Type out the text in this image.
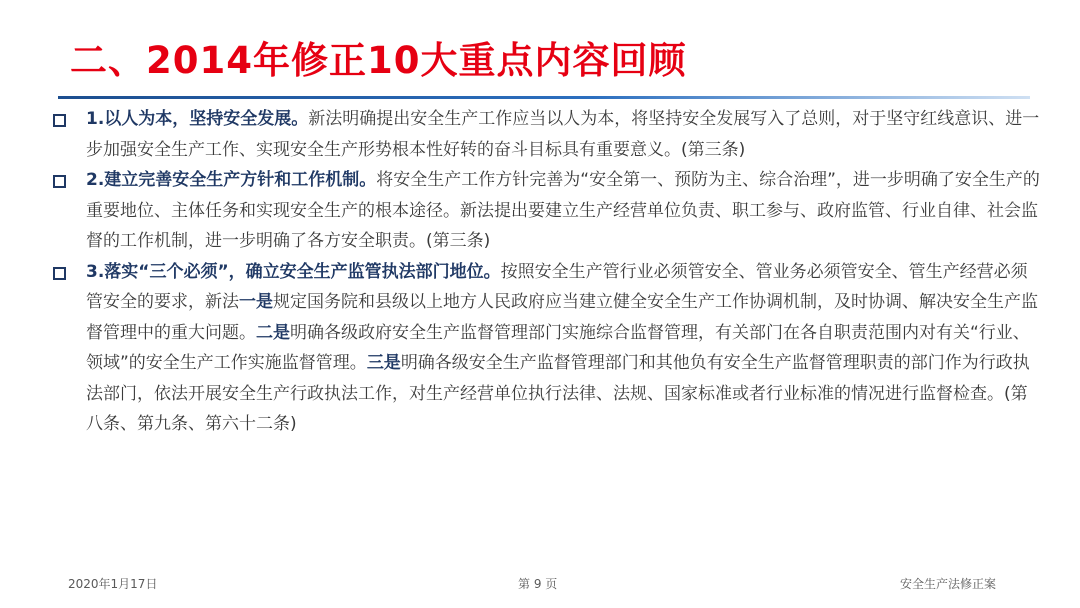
二、2014年修正10大重点内容回顾
1.以人为本，坚持安全发展。新法明确提出安全生产工作应当以人为本，将坚持安全发展写入了总则，对于坚守红线意识、进一步加强安全生产工作、实现安全生产形势根本性好转的奋斗目标具有重要意义。(第三条)
2.建立完善安全生产方针和工作机制。将安全生产工作方针完善为“安全第一、预防为主、综合治理”，进一步明确了安全生产的重要地位、主体任务和实现安全生产的根本途径。新法提出要建立生产经营单位负责、职工参与、政府监管、行业自律、社会监督的工作机制，进一步明确了各方安全职责。(第三条)
3.落实“三个必须”，确立安全生产监管执法部门地位。按照安全生产管行业必须管安全、管业务必须管安全、管生产经营必须管安全的要求，新法一是规定国务院和县级以上地方人民政府应当建立健全安全生产工作协调机制，及时协调、解决安全生产监督管理中的重大问题。二是明确各级政府安全生产监督管理部门实施综合监督管理，有关部门在各自职责范围内对有关“行业、领域”的安全生产工作实施监督管理。三是明确各级安全生产监督管理部门和其他负有安全生产监督管理职责的部门作为行政执法部门，依法开展安全生产行政执法工作，对生产经营单位执行法律、法规、国家标准或者行业标准的情况进行监督检查。(第八条、第九条、第六十二条)
2020年1月17日	第 9 页	安全生产法修正案
